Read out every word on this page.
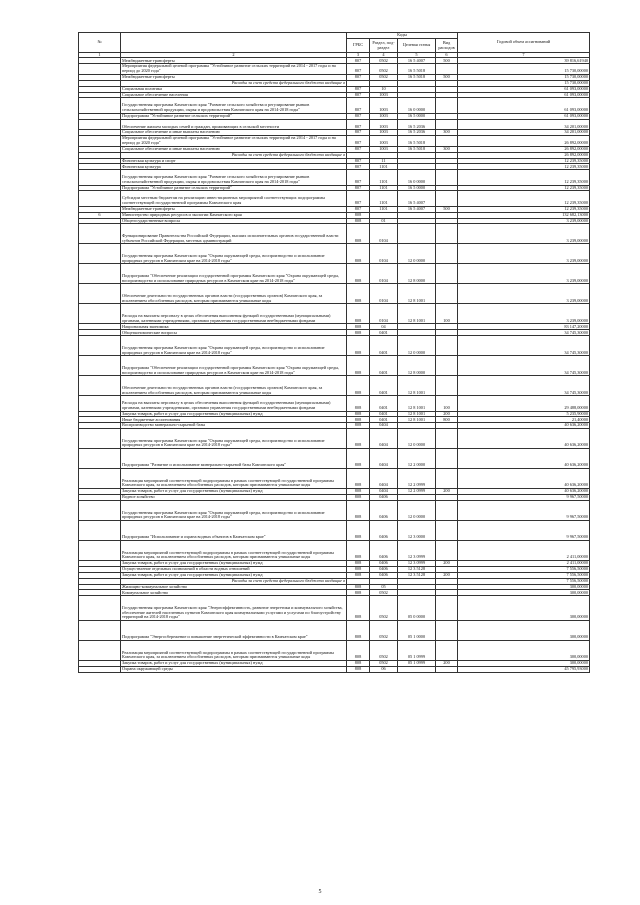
№		Коды				Годовой объем ассигнований
		ГРБС	Раздел, под-раздел	Целевая статья	Вид расходов	
1	2	3	4	5	6	7
	Межбюджетные трансферты	807	0502	16 5 4007	500	39 816,61940
	Мероприятия федеральной целевой программы "Устойчивое развитие сельских территорий на 2014 - 2017 годы и на период до 2020 года"	807	0502	16 5 5018		15 730,00000
	Межбюджетные трансферты	807	0502	16 5 5018	500	15 730,00000
	Расходы за счет средств федерального бюджета входящие в					15 730,00000
	Социальная политика	807	10			61 093,00000
	Социальное обеспечение населения	807	1003			61 093,00000
	Государственная программа Камчатского края "Развитие сельского хозяйства и регулирование рынков сельскохозяйственной продукции, сырья и продовольствия Камчатского края на 2014-2018 годы"	807	1003	16 0 0000		61 093,00000
	Подпрограмма "Устойчивое развитие сельских территорий"	807	1003	16 5 0000		61 093,00000
	Обеспечение жильем молодых семей и граждан, проживающих в сельской местности	807	1003	16 5 2036		34 201,00000
	Социальное обеспечение и иные выплаты населению	807	1003	16 5 2036	300	34 201,00000
	Мероприятия федеральной целевой программы "Устойчивое развитие сельских территорий на 2014 - 2017 годы и на период до 2020 года"	807	1003	16 5 5018		26 892,00000
	Социальное обеспечение и иные выплаты населению	807	1003	16 5 5018	300	26 892,00000
	Расходы за счет средств федерального бюджета входящие в					26 892,00000
	Физическая культура и спорт	807	11			12 239,35000
	Физическая культура	807	1101			12 239,35000
	Государственная программа Камчатского края "Развитие сельского хозяйства и регулирование рынков сельскохозяйственной продукции, сырья и продовольствия Камчатского края на 2014-2018 годы"	807	1101	16 0 0000		12 239,35000
	Подпрограмма "Устойчивое развитие сельских территорий"	807	1101	16 5 0000		12 239,35000
	Субсидии местным бюджетам на реализацию инвестиционных мероприятий соответствующих подпрограммы соответствующей государственной программы Камчатского края	807	1101	16 5 4007		12 239,35000
	Межбюджетные трансферты	807	1101	16 5 4007	500	12 239,35000
6	Министерство природных ресурсов и экологии Камчатского края	808				132 682,13000
	Общегосударственные вопросы	808	01			3 239,00000
	Функционирование Правительства Российской Федерации, высших исполнительных органов государственной власти субъектов Российской Федерации, местных администраций	808	0104			3 239,00000
	Государственная программа Камчатского края "Охрана окружающей среды, воспроизводство и использование природных ресурсов в Камчатском крае на 2014-2018 годы"	808	0104	12 0 0000		3 239,00000
	Подпрограмма "Обеспечение реализации государственной программы Камчатского края "Охрана окружающей среды, воспроизводство и использование природных ресурсов в Камчатском крае на 2014-2018 годы"	808	0104	12 8 0000		3 239,00000
	Обеспечение деятельности государственных органов власти (государственных органов) Камчатского края, за исключением обособленных расходов, которым присваиваются уникальные коды	808	0104	12 8 1001		3 239,00000
	Расходы на выплаты персоналу в целях обеспечения выполнения функций государственными (муниципальными) органами, казенными учреждениями, органами управления государственными внебюджетными фондами	808	0104	12 8 1001	100	3 239,00000
	Национальная экономика	808	04			83 147,20000
	Общеэкономические вопросы	808	0401			34 745,30000
	Государственная программа Камчатского края "Охрана окружающей среды, воспроизводство и использование природных ресурсов в Камчатском крае на 2014-2018 годы"	808	0401	12 0 0000		34 745,30000
	Подпрограмма "Обеспечение реализации государственной программы Камчатского края "Охрана окружающей среды, воспроизводство и использование природных ресурсов в Камчатском крае на 2014-2018 годы"	808	0401	12 8 0000		34 745,30000
	Обеспечение деятельности государственных органов власти (государственных органов) Камчатского края, за исключением обособленных расходов, которым присваиваются уникальные коды	808	0401	12 8 1001		34 745,30000
	Расходы на выплаты персоналу в целях обеспечения выполнения функций государственными (муниципальными) органами, казенными учреждениями, органами управления государственными внебюджетными фондами	808	0401	12 8 1001	100	29 488,00000
	Закупка товаров, работ и услуг для государственных (муниципальных) нужд	808	0401	12 8 1001	200	5 235,90000
	Иные бюджетные ассигнования	808	0401	12 8 1001	800	21,40000
	Воспроизводство минерально-сырьевой базы	808	0404			40 636,20000
	Государственная программа Камчатского края "Охрана окружающей среды, воспроизводство и использование природных ресурсов в Камчатском крае на 2014-2018 годы"	808	0404	12 0 0000		40 636,20000
	Подпрограмма "Развитие и использование минерально-сырьевой базы Камчатского края"	808	0404	12 2 0000		40 636,20000
	Реализация мероприятий соответствующей подпрограммы в рамках соответствующей государственной программы Камчатского края, за исключением обособленных расходов, которым присваиваются уникальные коды	808	0404	12 2 0999		40 636,20000
	Закупка товаров, работ и услуг для государственных (муниципальных) нужд	808	0404	12 2 0999	200	40 636,20000
	Водное хозяйство	808	0406			9 967,50000
	Государственная программа Камчатского края "Охрана окружающей среды, воспроизводство и использование природных ресурсов в Камчатском крае на 2014-2018 годы"	808	0406	12 0 0000		9 967,50000
	Подпрограмма "Использование и охрана водных объектов в Камчатском крае"	808	0406	12 3 0000		9 967,50000
	Реализация мероприятий соответствующей подпрограммы в рамках соответствующей государственной программы Камчатского края, за исключением обособленных расходов, которым присваиваются уникальные коды	808	0406	12 3 0999		2 411,00000
	Закупка товаров, работ и услуг для государственных (муниципальных) нужд	808	0406	12 3 0999	200	2 411,00000
	Осуществление отдельных полномочий в области водных отношений	808	0406	12 3 5128		7 556,50000
	Закупка товаров, работ и услуг для государственных (муниципальных) нужд	808	0406	12 3 5128	200	7 556,50000
	Расходы за счет средств федерального бюджета входящие в					7 556,50000
	Жилищно-коммунальное хозяйство	808	05			300,00000
	Коммунальное хозяйство	808	0502			300,00000
	Государственная программа Камчатского края "Энергоэффективность, развитие энергетики и коммунального хозяйства, обеспечение жителей населенных пунктов Камчатского края коммунальными услугами и услугами по благоустройству территорий на 2014-2018 годы"	808	0502	05 0 0000		300,00000
	Подпрограмма "Энергосбережение и повышение энергетической эффективности в Камчатском крае"	808	0502	05 1 0000		300,00000
	Реализация мероприятий соответствующей подпрограммы в рамках соответствующей государственной программы Камчатского края, за исключением обособленных расходов, которым присваиваются уникальные коды	808	0502	05 1 0999		300,00000
	Закупка товаров, работ и услуг для государственных (муниципальных) нужд	808	0502	05 1 0999	200	300,00000
	Охрана окружающей среды	808	06			45 795,93000
5
